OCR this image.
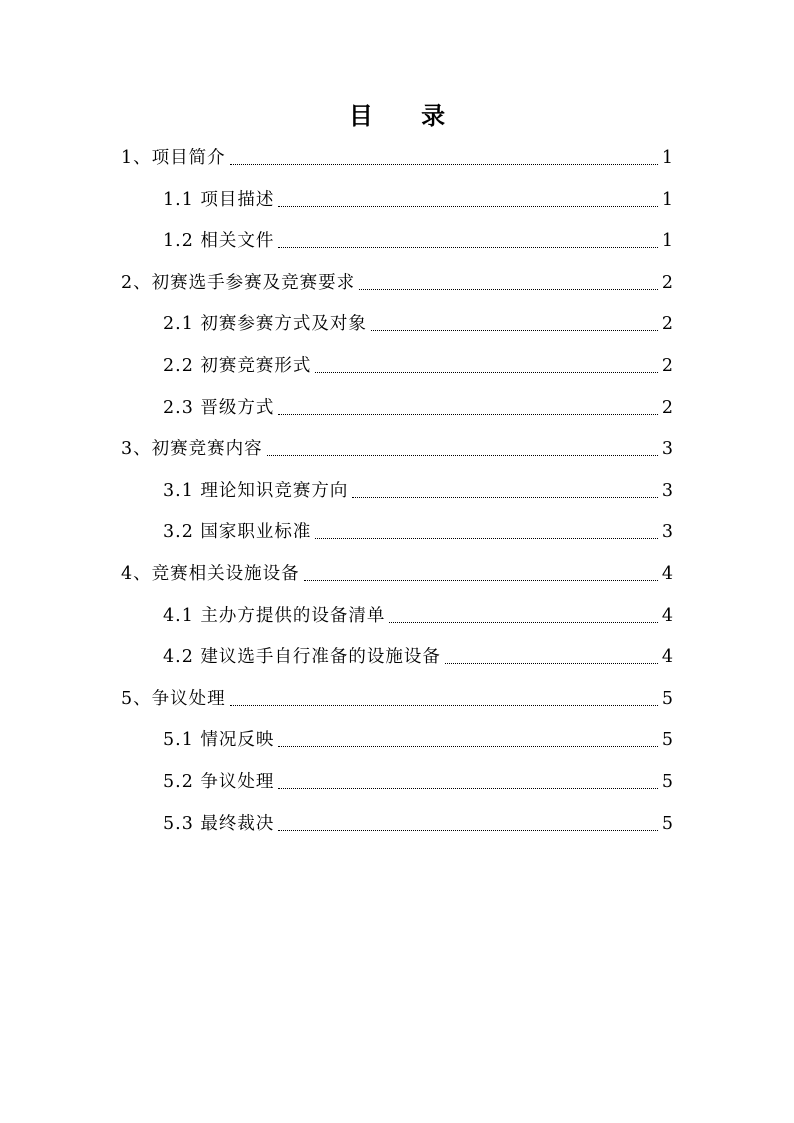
目 录
1、项目简介	1
1.1 项目描述	1
1.2 相关文件	1
2、初赛选手参赛及竞赛要求	2
2.1 初赛参赛方式及对象	2
2.2 初赛竞赛形式	2
2.3 晋级方式	2
3、初赛竞赛内容	3
3.1 理论知识竞赛方向	3
3.2 国家职业标准	3
4、竞赛相关设施设备	4
4.1 主办方提供的设备清单	4
4.2 建议选手自行准备的设施设备	4
5、争议处理	5
5.1 情况反映	5
5.2 争议处理	5
5.3 最终裁决	5
